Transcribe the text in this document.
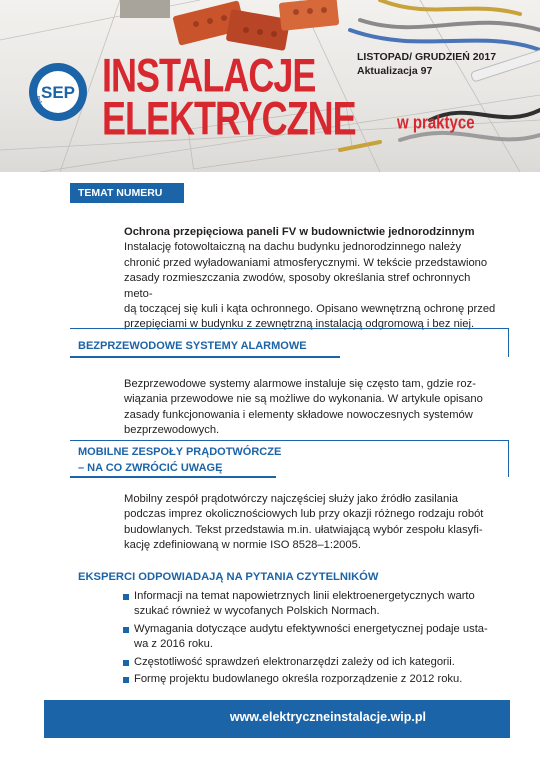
rekomenduje
SEP INSTALACJE
ELEKTRYCZNE	w praktyce
LISTOPAD/ GRUDZIEŃ 2017
Aktualizacja 97
TEMAT NUMERU
Ochrona przepięciowa paneli FV w budownictwie jednorodzinnym
Instalację fotowoltaiczną na dachu budynku jednorodzinnego należy
chronić przed wyładowaniami atmosferycznymi. W tekście przedstawiono
zasady rozmieszczania zwodów, sposoby określania stref ochronnych meto-
dą toczącej się kuli i kąta ochronnego. Opisano wewnętrzną ochronę przed
przepięciami w budynku z zewnętrzną instalacją odgromową i bez niej.
BEZPRZEWODOWE SYSTEMY ALARMOWE
Bezprzewodowe systemy alarmowe instaluje się często tam, gdzie roz-
wiązania przewodowe nie są możliwe do wykonania. W artykule opisano
zasady funkcjonowania i elementy składowe nowoczesnych systemów
bezprzewodowych.
MOBILNE ZESPOŁY PRĄDOTWÓRCZE
– NA CO ZWRÓCIĆ UWAGĘ
Mobilny zespół prądotwórczy najczęściej służy jako źródło zasilania
podczas imprez okolicznościowych lub przy okazji różnego rodzaju robót
budowlanych. Tekst przedstawia m.in. ułatwiającą wybór zespołu klasyfi-
kację zdefiniowaną w normie ISO 8528–1:2005.
EKSPERCI ODPOWIADAJĄ NA PYTANIA CZYTELNIKÓW
Informacji na temat napowietrznych linii elektroenergetycznych warto
szukać również w wycofanych Polskich Normach.
Wymagania dotyczące audytu efektywności energetycznej podaje usta-
wa z 2016 roku.
Częstotliwość sprawdzeń elektronarzędzi zależy od ich kategorii.
Formę projektu budowlanego określa rozporządzenie z 2012 roku.
www.elektryczneinstalacje.wip.pl
